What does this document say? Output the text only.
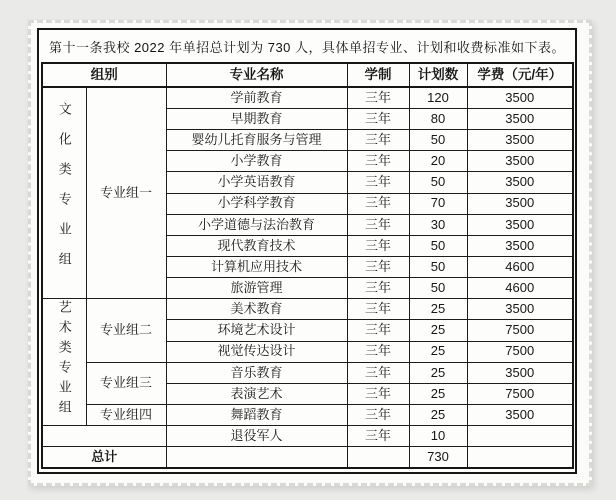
第十一条我校 2022 年单招总计划为 730 人，具体单招专业、计划和收费标准如下表。
组别		专业名称	学制	计划数	学费（元/年）
文化类专业组	专业组一	学前教育	三年	120	3500
		早期教育	三年	80	3500
		婴幼儿托育服务与管理	三年	50	3500
		小学教育	三年	20	3500
		小学英语教育	三年	50	3500
		小学科学教育	三年	70	3500
		小学道德与法治教育	三年	30	3500
		现代教育技术	三年	50	3500
		计算机应用技术	三年	50	4600
		旅游管理	三年	50	4600
艺术类专业组	专业组二	美术教育	三年	25	3500
		环境艺术设计	三年	25	7500
		视觉传达设计	三年	25	7500
	专业组三	音乐教育	三年	25	3500
		表演艺术	三年	25	7500
	专业组四	舞蹈教育	三年	25	3500
		退役军人	三年	10	
总计				730	
